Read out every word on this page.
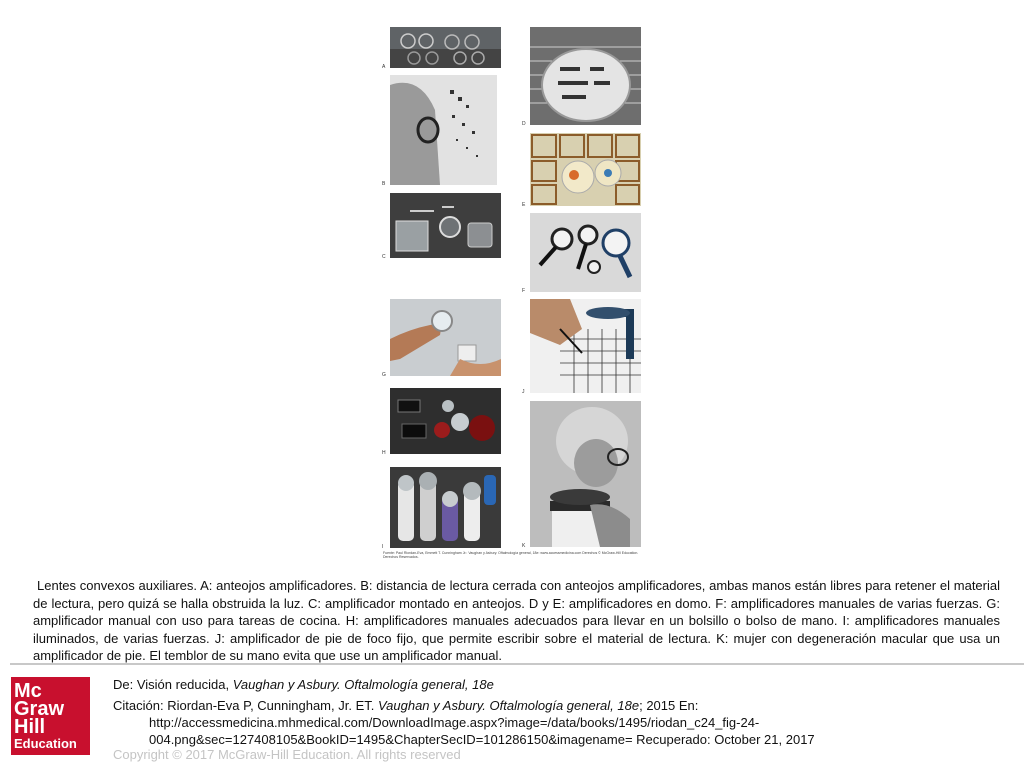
A
B
C
G
H
I
D
E
F
J
K
Fuente: Paul Riordan-Eva, Emmett T. Cunningham Jr.: Vaughan y Asbury. Oftalmología general, 18e: www.accessmedicina.com Derechos © McGraw-Hill Education. Derechos Reservados.

Lentes convexos auxiliares. A: anteojos amplificadores. B: distancia de lectura cerrada con anteojos amplificadores, ambas manos están libres para retener el material de lectura, pero quizá se halla obstruida la luz. C: amplificador montado en anteojos. D y E: amplificadores en domo. F: amplificadores manuales de varias fuerzas. G: amplificador manual con uso para tareas de cocina. H: amplificadores manuales adecuados para llevar en un bolsillo o bolso de mano. I: amplificadores manuales iluminados, de varias fuerzas. J: amplificador de pie de foco fijo, que permite escribir sobre el material de lectura. K: mujer con degeneración macular que usa un amplificador de pie. El temblor de su mano evita que use un amplificador manual.

Mc
Graw
Hill
Education
De: Visión reducida, Vaughan y Asbury. Oftalmología general, 18e
Citación: Riordan-Eva P, Cunningham, Jr. ET. Vaughan y Asbury. Oftalmología general, 18e; 2015 En:
http://accessmedicina.mhmedical.com/DownloadImage.aspx?image=/data/books/1495/riodan_c24_fig-24-
004.png&sec=127408105&BookID=1495&ChapterSecID=101286150&imagename= Recuperado: October 21, 2017
Copyright © 2017 McGraw-Hill Education. All rights reserved
